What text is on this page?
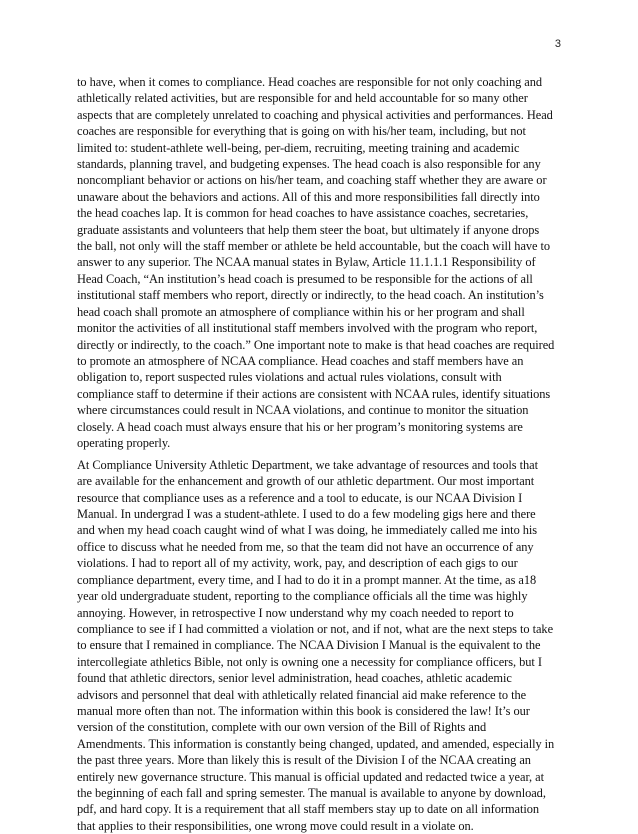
3

to have, when it comes to compliance. Head coaches are responsible for not only coaching and
athletically related activities, but are responsible for and held accountable for so many other
aspects that are completely unrelated to coaching and physical activities and performances. Head
coaches are responsible for everything that is going on with his/her team, including, but not
limited to: student-athlete well-being, per-diem, recruiting, meeting training and academic
standards, planning travel, and budgeting expenses. The head coach is also responsible for any
noncompliant behavior or actions on his/her team, and coaching staff whether they are aware or
unaware about the behaviors and actions. All of this and more responsibilities fall directly into
the head coaches lap. It is common for head coaches to have assistance coaches, secretaries,
graduate assistants and volunteers that help them steer the boat, but ultimately if anyone drops
the ball, not only will the staff member or athlete be held accountable, but the coach will have to
answer to any superior. The NCAA manual states in Bylaw, Article 11.1.1.1 Responsibility of
Head Coach, “An institution’s head coach is presumed to be responsible for the actions of all
institutional staff members who report, directly or indirectly, to the head coach. An institution’s
head coach shall promote an atmosphere of compliance within his or her program and shall
monitor the activities of all institutional staff members involved with the program who report,
directly or indirectly, to the coach.” One important note to make is that head coaches are required
to promote an atmosphere of NCAA compliance. Head coaches and staff members have an
obligation to, report suspected rules violations and actual rules violations, consult with
compliance staff to determine if their actions are consistent with NCAA rules, identify situations
where circumstances could result in NCAA violations, and continue to monitor the situation
closely. A head coach must always ensure that his or her program’s monitoring systems are
operating properly.

At Compliance University Athletic Department, we take advantage of resources and tools that
are available for the enhancement and growth of our athletic department. Our most important
resource that compliance uses as a reference and a tool to educate, is our NCAA Division I
Manual. In undergrad I was a student-athlete. I used to do a few modeling gigs here and there
and when my head coach caught wind of what I was doing, he immediately called me into his
office to discuss what he needed from me, so that the team did not have an occurrence of any
violations. I had to report all of my activity, work, pay, and description of each gigs to our
compliance department, every time, and I had to do it in a prompt manner. At the time, as a18
year old undergraduate student, reporting to the compliance officials all the time was highly
annoying. However, in retrospective I now understand why my coach needed to report to
compliance to see if I had committed a violation or not, and if not, what are the next steps to take
to ensure that I remained in compliance. The NCAA Division I Manual is the equivalent to the
intercollegiate athletics Bible, not only is owning one a necessity for compliance officers, but I
found that athletic directors, senior level administration, head coaches, athletic academic
advisors and personnel that deal with athletically related financial aid make reference to the
manual more often than not. The information within this book is considered the law! It’s our
version of the constitution, complete with our own version of the Bill of Rights and
Amendments. This information is constantly being changed, updated, and amended, especially in
the past three years. More than likely this is result of the Division I of the NCAA creating an
entirely new governance structure. This manual is official updated and redacted twice a year, at
the beginning of each fall and spring semester. The manual is available to anyone by download,
pdf, and hard copy. It is a requirement that all staff members stay up to date on all information
that applies to their responsibilities, one wrong move could result in a violate on.
